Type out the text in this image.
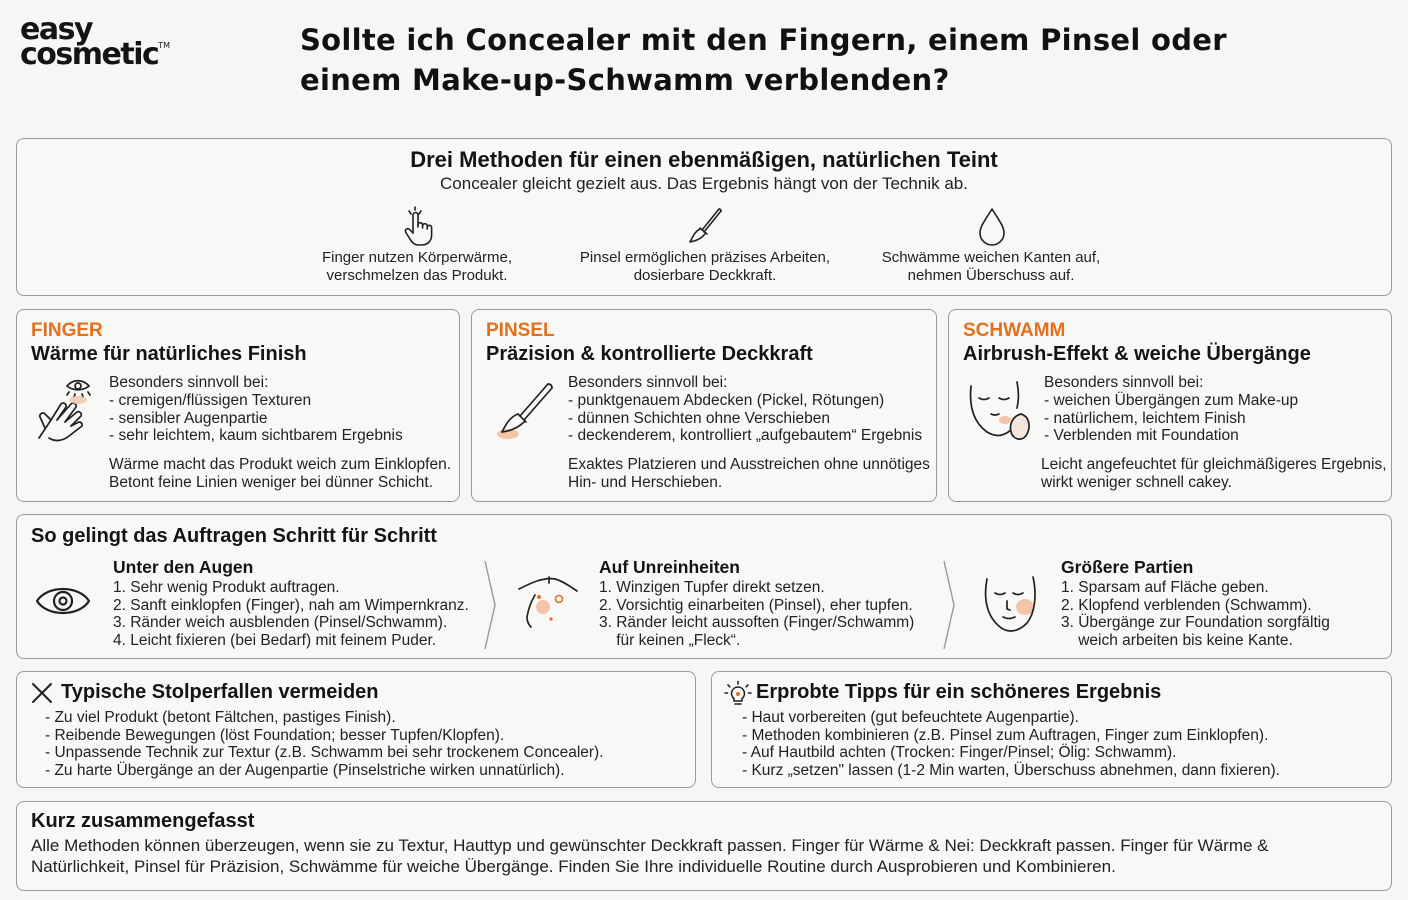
easy
cosmetic™	Sollte ich Concealer mit den Fingern, einem Pinsel oder
einem Make-up-Schwamm verblenden?
Drei Methoden für einen ebenmäßigen, natürlichen Teint
Concealer gleicht gezielt aus. Das Ergebnis hängt von der Technik ab.
Finger nutzen Körperwärme,
verschmelzen das Produkt.
Pinsel ermöglichen präzises Arbeiten,
dosierbare Deckkraft.
Schwämme weichen Kanten auf,
nehmen Überschuss auf.
FINGER
Wärme für natürliches Finish
Besonders sinnvoll bei:
- cremigen/flüssigen Texturen
- sensibler Augenpartie
- sehr leichtem, kaum sichtbarem Ergebnis
Wärme macht das Produkt weich zum Einklopfen.
Betont feine Linien weniger bei dünner Schicht.
PINSEL
Präzision & kontrollierte Deckkraft
Besonders sinnvoll bei:
- punktgenauem Abdecken (Pickel, Rötungen)
- dünnen Schichten ohne Verschieben
- deckenderem, kontrolliert „aufgebautem“ Ergebnis
Exaktes Platzieren und Ausstreichen ohne unnötiges
Hin- und Herschieben.
SCHWAMM
Airbrush-Effekt & weiche Übergänge
Besonders sinnvoll bei:
- weichen Übergängen zum Make-up
- natürlichem, leichtem Finish
- Verblenden mit Foundation
Leicht angefeuchtet für gleichmäßigeres Ergebnis,
wirkt weniger schnell cakey.
So gelingt das Auftragen Schritt für Schritt
Unter den Augen
1. Sehr wenig Produkt auftragen.
2. Sanft einklopfen (Finger), nah am Wimpernkranz.
3. Ränder weich ausblenden (Pinsel/Schwamm).
4. Leicht fixieren (bei Bedarf) mit feinem Puder.
Auf Unreinheiten
1. Winzigen Tupfer direkt setzen.
2. Vorsichtig einarbeiten (Pinsel), eher tupfen.
3. Ränder leicht aussoften (Finger/Schwamm)
für keinen „Fleck“.
Größere Partien
1. Sparsam auf Fläche geben.
2. Klopfend verblenden (Schwamm).
3. Übergänge zur Foundation sorgfältig
weich arbeiten bis keine Kante.
Typische Stolperfallen vermeiden
- Zu viel Produkt (betont Fältchen, pastiges Finish).
- Reibende Bewegungen (löst Foundation; besser Tupfen/Klopfen).
- Unpassende Technik zur Textur (z.B. Schwamm bei sehr trockenem Concealer).
- Zu harte Übergänge an der Augenpartie (Pinselstriche wirken unnatürlich).
Erprobte Tipps für ein schöneres Ergebnis
- Haut vorbereiten (gut befeuchtete Augenpartie).
- Methoden kombinieren (z.B. Pinsel zum Auftragen, Finger zum Einklopfen).
- Auf Hautbild achten (Trocken: Finger/Pinsel; Ölig: Schwamm).
- Kurz „setzen" lassen (1-2 Min warten, Überschuss abnehmen, dann fixieren).
Kurz zusammengefasst
Alle Methoden können überzeugen, wenn sie zu Textur, Hauttyp und gewünschter Deckkraft passen. Finger für Wärme & Nei: Deckkraft passen. Finger für Wärme &
Natürlichkeit, Pinsel für Präzision, Schwämme für weiche Übergänge. Finden Sie Ihre individuelle Routine durch Ausprobieren und Kombinieren.
